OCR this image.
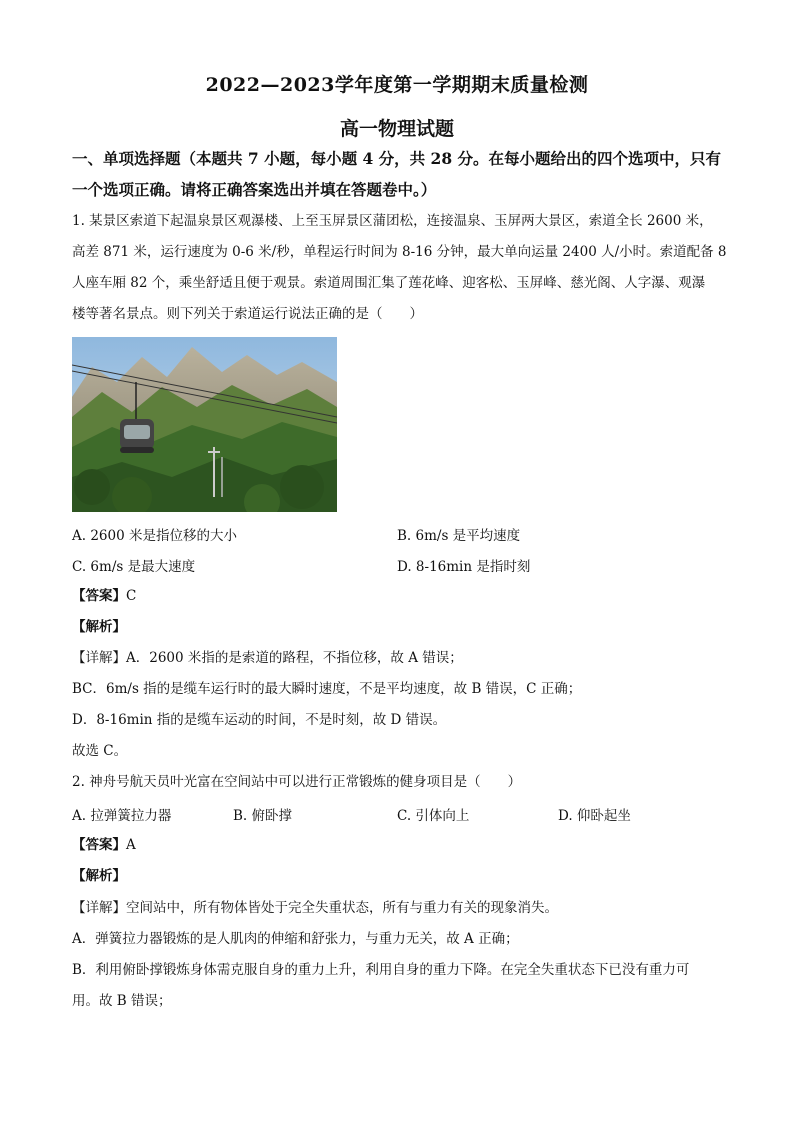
2022—2023学年度第一学期期末质量检测
高一物理试题
一、单项选择题（本题共 7 小题，每小题 4 分，共 28 分。在每小题给出的四个选项中，只有
一个选项正确。请将正确答案选出并填在答题卷中。）
1. 某景区索道下起温泉景区观瀑楼、上至玉屏景区蒲团松，连接温泉、玉屏两大景区，索道全长 2600 米，
高差 871 米，运行速度为 0-6 米/秒，单程运行时间为 8-16 分钟，最大单向运量 2400 人/小时。索道配备 8
人座车厢 82 个，乘坐舒适且便于观景。索道周围汇集了莲花峰、迎客松、玉屏峰、慈光阁、人字瀑、观瀑
楼等著名景点。则下列关于索道运行说法正确的是（　　）
A. 2600 米是指位移的大小	B. 6m/s 是平均速度
C. 6m/s 是最大速度	D. 8-16min 是指时刻
【答案】C
【解析】
【详解】A．2600 米指的是索道的路程，不指位移，故 A 错误；
BC．6m/s 指的是缆车运行时的最大瞬时速度，不是平均速度，故 B 错误，C 正确；
D．8-16min 指的是缆车运动的时间，不是时刻，故 D 错误。
故选 C。
2. 神舟号航天员叶光富在空间站中可以进行正常锻炼的健身项目是（　　）
A. 拉弹簧拉力器	B. 俯卧撑	C. 引体向上	D. 仰卧起坐
【答案】A
【解析】
【详解】空间站中，所有物体皆处于完全失重状态，所有与重力有关的现象消失。
A．弹簧拉力器锻炼的是人肌肉的伸缩和舒张力，与重力无关，故 A 正确；
B．利用俯卧撑锻炼身体需克服自身的重力上升，利用自身的重力下降。在完全失重状态下已没有重力可
用。故 B 错误；
